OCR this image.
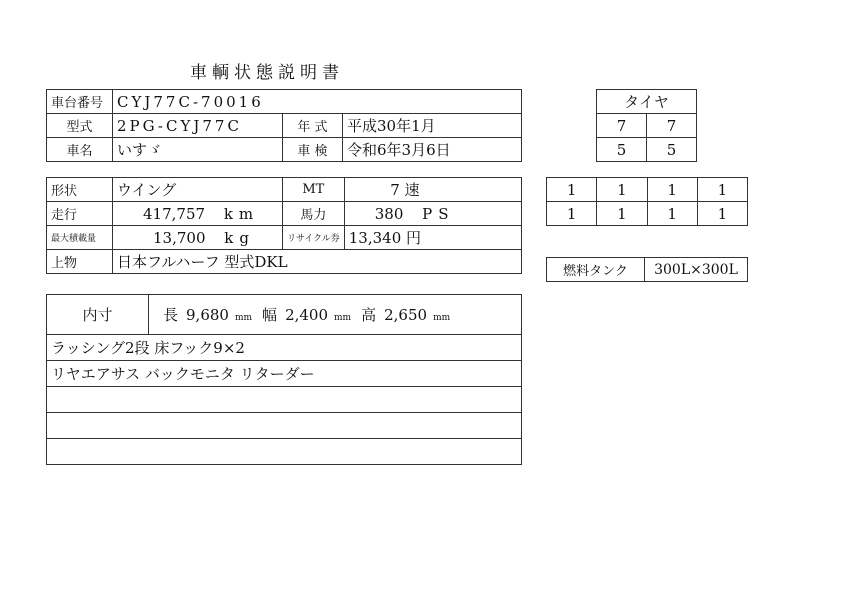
車輌状態説明書
車台番号	CYJ77C-70016		
型式	2PG-CYJ77C	年 式	平成30年1月
車名	いすゞ	車 検	令和6年3月6日
形状	ウイング	MT	7 速
走行	417,757 km	馬力	380 PS
最大積載量	13,700 kg	リサイクル券	13,340 円
上物	日本フルハーフ 型式DKL		
内寸	長 9,680 mm 幅 2,400 mm 高 2,650 mm
ラッシング2段 床フック9×2
リヤエアサス バックモニタ リターダー

タイヤ	
7	7
5	5
1	1	1	1
1	1	1	1
燃料タンク	300L×300L
